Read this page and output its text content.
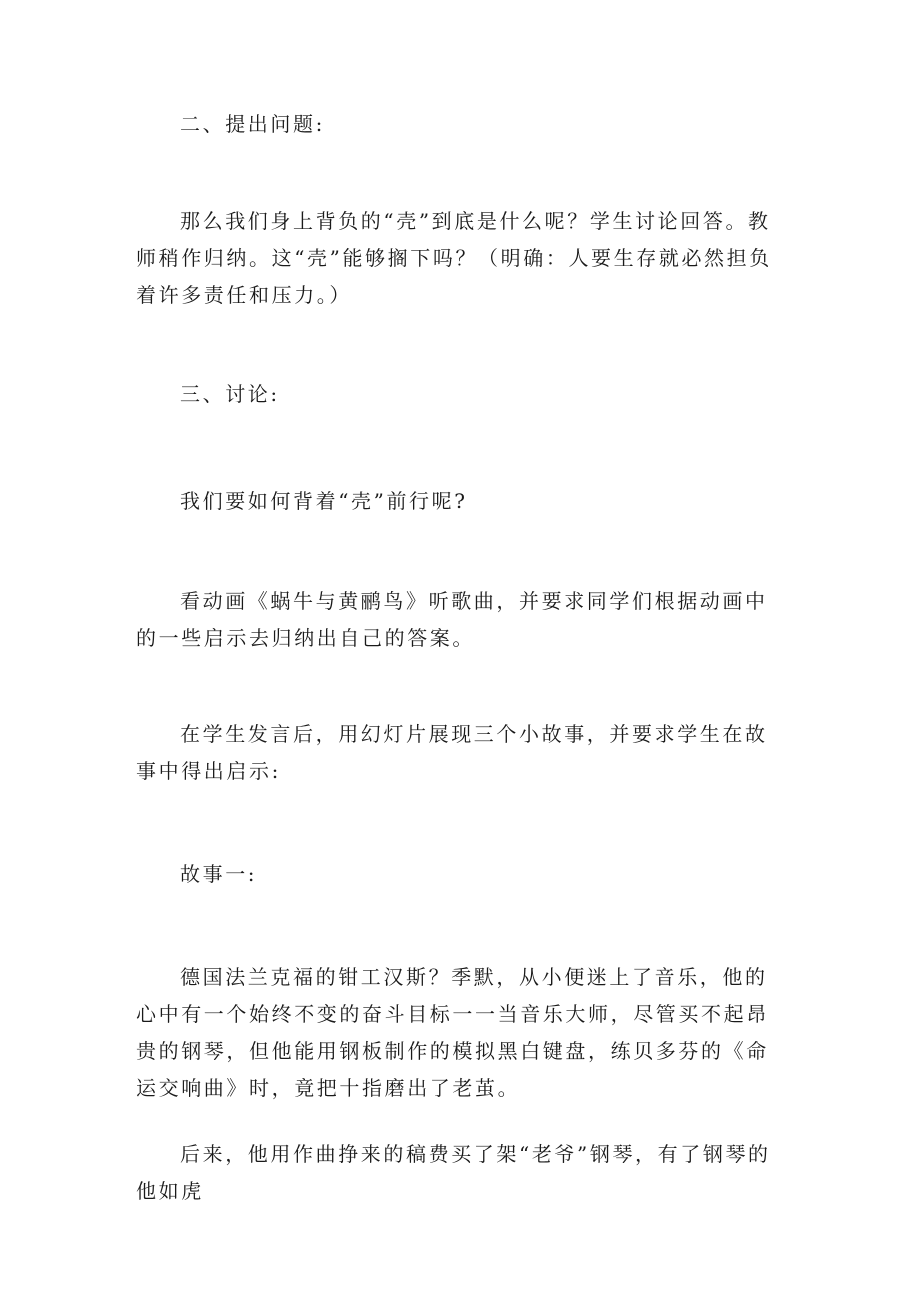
二、提出问题:

那么我们身上背负的“壳”到底是什么呢？学生讨论回答。教师稍作归纳。这“壳”能够搁下吗？（明确：人要生存就必然担负着许多责任和压力。）

三、讨论:

我们要如何背着“壳”前行呢?

看动画《蜗牛与黄鹂鸟》听歌曲，并要求同学们根据动画中的一些启示去归纳出自己的答案。

在学生发言后，用幻灯片展现三个小故事，并要求学生在故事中得出启示:

故事一:

德国法兰克福的钳工汉斯？季默，从小便迷上了音乐，他的心中有一个始终不变的奋斗目标一一当音乐大师，尽管买不起昂贵的钢琴，但他能用钢板制作的模拟黑白键盘，练贝多芬的《命运交响曲》时，竟把十指磨出了老茧。

后来，他用作曲挣来的稿费买了架“老爷”钢琴，有了钢琴的他如虎
